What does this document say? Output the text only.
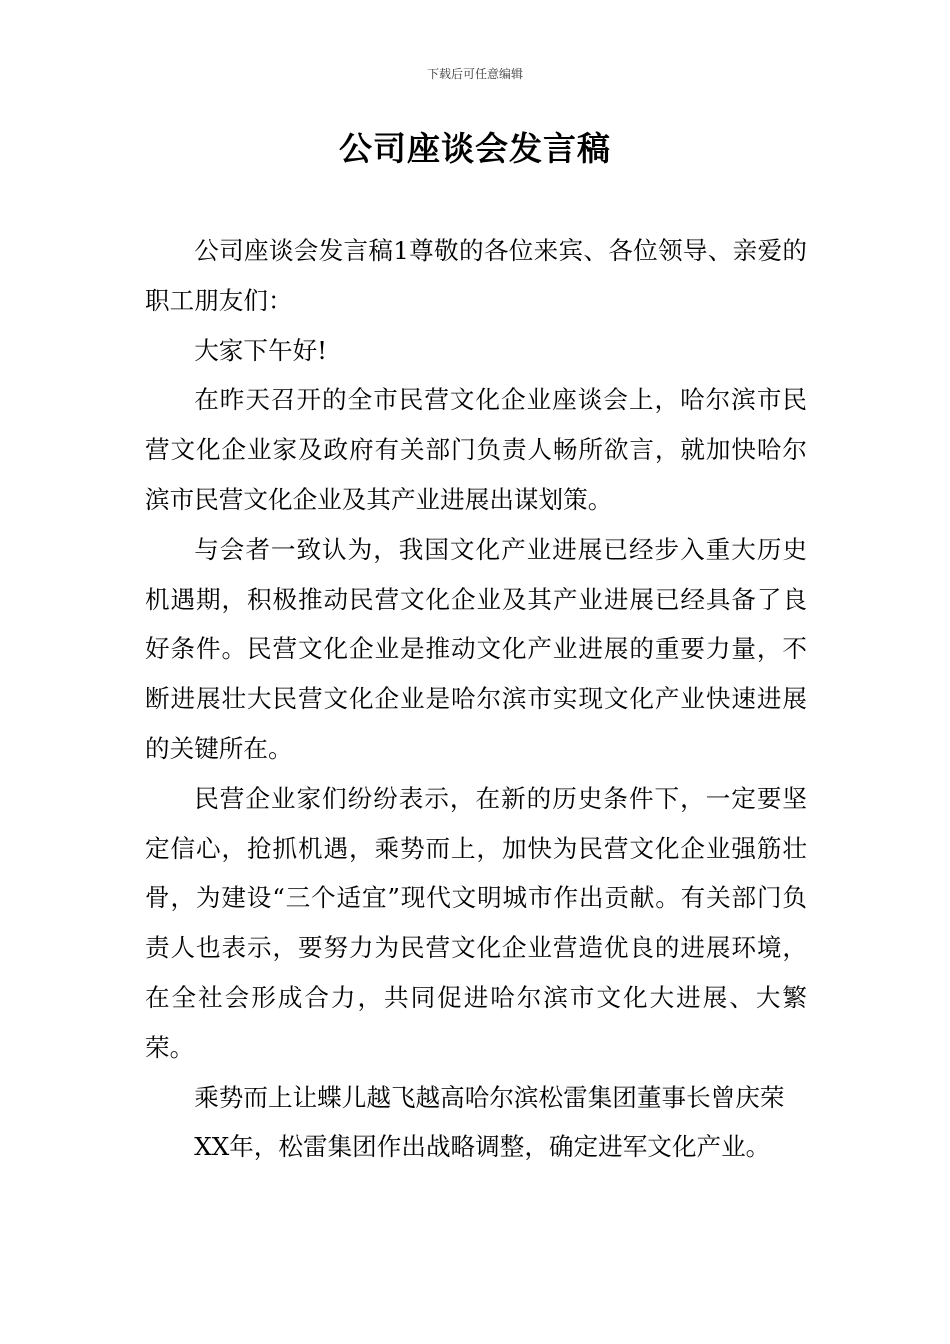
下载后可任意编辑
公司座谈会发言稿

公司座谈会发言稿1尊敬的各位来宾、各位领导、亲爱的职工朋友们：

大家下午好!

在昨天召开的全市民营文化企业座谈会上，哈尔滨市民营文化企业家及政府有关部门负责人畅所欲言，就加快哈尔滨市民营文化企业及其产业进展出谋划策。

与会者一致认为，我国文化产业进展已经步入重大历史机遇期，积极推动民营文化企业及其产业进展已经具备了良好条件。民营文化企业是推动文化产业进展的重要力量，不断进展壮大民营文化企业是哈尔滨市实现文化产业快速进展的关键所在。

民营企业家们纷纷表示，在新的历史条件下，一定要坚定信心，抢抓机遇，乘势而上，加快为民营文化企业强筋壮骨，为建设“三个适宜”现代文明城市作出贡献。有关部门负责人也表示，要努力为民营文化企业营造优良的进展环境，在全社会形成合力，共同促进哈尔滨市文化大进展、大繁荣。

乘势而上让蝶儿越飞越高哈尔滨松雷集团董事长曾庆荣

XX年，松雷集团作出战略调整，确定进军文化产业。
